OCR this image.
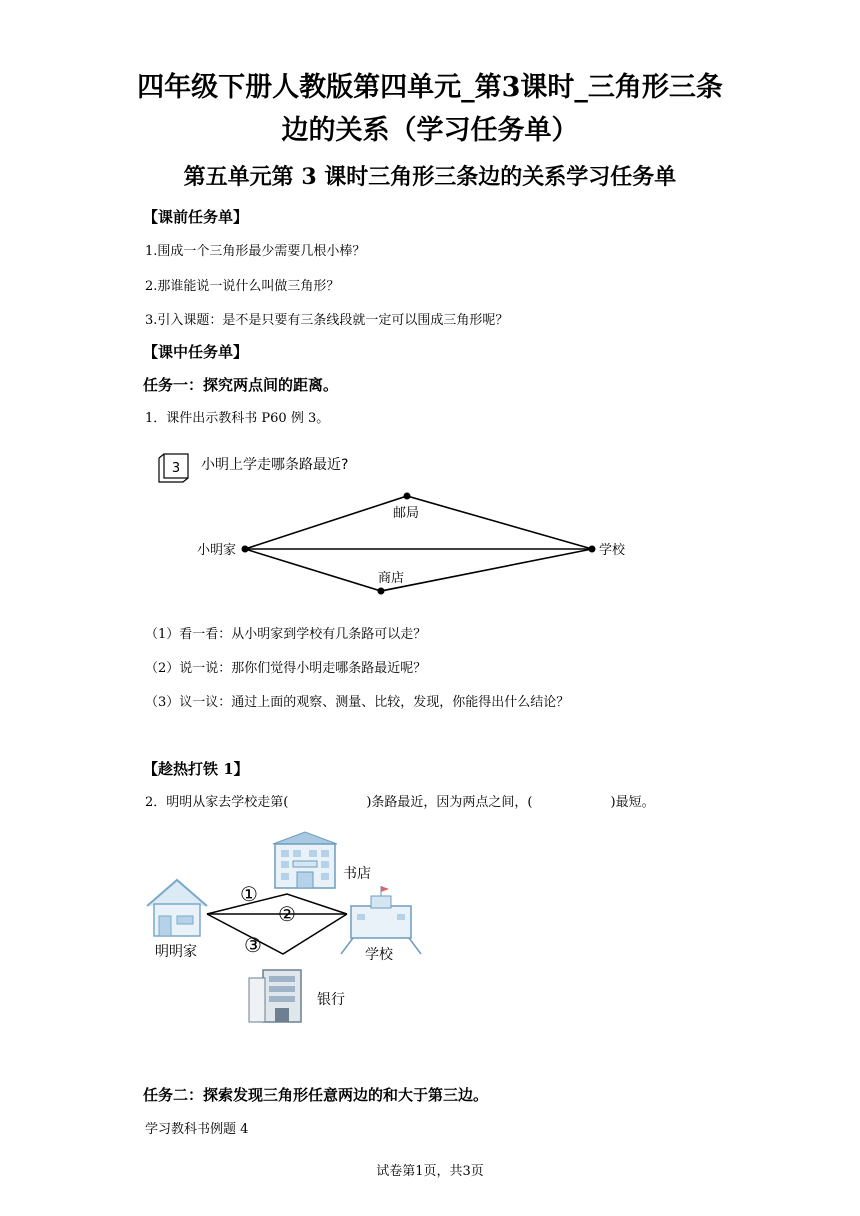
四年级下册人教版第四单元_第3课时_三角形三条
边的关系（学习任务单）
第五单元第 3 课时三角形三条边的关系学习任务单
【课前任务单】
1.围成一个三角形最少需要几根小棒？
2.那谁能说一说什么叫做三角形？
3.引入课题：是不是只要有三条线段就一定可以围成三角形呢？
【课中任务单】
任务一：探究两点间的距离。
1．课件出示教科书 P60 例 3。
3 小明上学走哪条路最近?
小明家	学校
邮局
商店
（1）看一看：从小明家到学校有几条路可以走？
（2）说一说：那你们觉得小明走哪条路最近呢？
（3）议一议：通过上面的观察、测量、比较，发现，你能得出什么结论？
【趁热打铁 1】
2．明明从家去学校走第(	)条路最近，因为两点之间，(	)最短。
①
②
③
明明家
书店
学校
银行
任务二：探索发现三角形任意两边的和大于第三边。
学习教科书例题 4
试卷第1页，共3页
